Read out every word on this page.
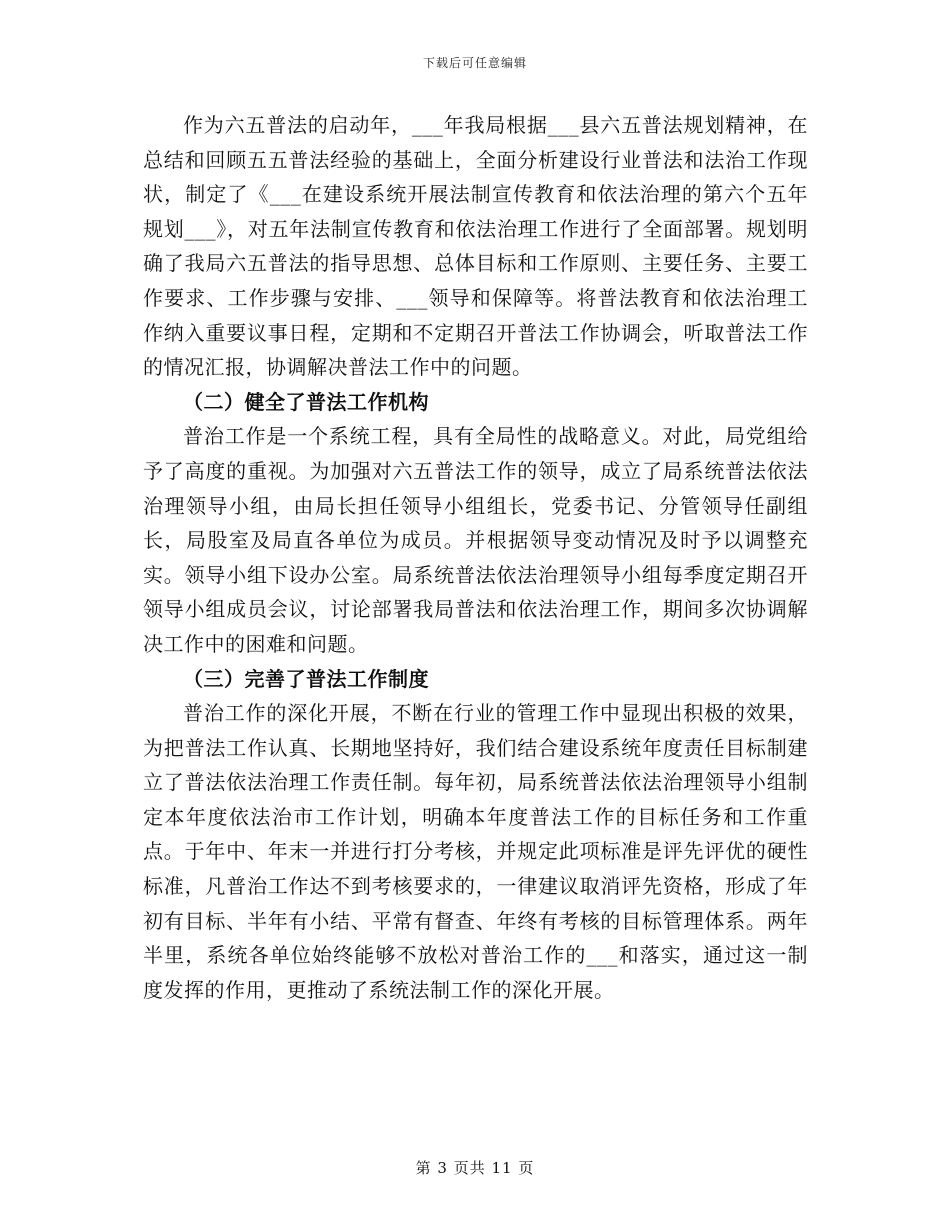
下载后可任意编辑

作为六五普法的启动年，___年我局根据___县六五普法规划精神，在总结和回顾五五普法经验的基础上，全面分析建设行业普法和法治工作现状，制定了《___在建设系统开展法制宣传教育和依法治理的第六个五年规划___》，对五年法制宣传教育和依法治理工作进行了全面部署。规划明确了我局六五普法的指导思想、总体目标和工作原则、主要任务、主要工作要求、工作步骤与安排、___领导和保障等。将普法教育和依法治理工作纳入重要议事日程，定期和不定期召开普法工作协调会，听取普法工作的情况汇报，协调解决普法工作中的问题。

（二）健全了普法工作机构

普治工作是一个系统工程，具有全局性的战略意义。对此，局党组给予了高度的重视。为加强对六五普法工作的领导，成立了局系统普法依法治理领导小组，由局长担任领导小组组长，党委书记、分管领导任副组长，局股室及局直各单位为成员。并根据领导变动情况及时予以调整充实。领导小组下设办公室。局系统普法依法治理领导小组每季度定期召开领导小组成员会议，讨论部署我局普法和依法治理工作，期间多次协调解决工作中的困难和问题。

（三）完善了普法工作制度

普治工作的深化开展，不断在行业的管理工作中显现出积极的效果，为把普法工作认真、长期地坚持好，我们结合建设系统年度责任目标制建立了普法依法治理工作责任制。每年初，局系统普法依法治理领导小组制定本年度依法治市工作计划，明确本年度普法工作的目标任务和工作重点。于年中、年末一并进行打分考核，并规定此项标准是评先评优的硬性标准，凡普治工作达不到考核要求的，一律建议取消评先资格，形成了年初有目标、半年有小结、平常有督查、年终有考核的目标管理体系。两年半里，系统各单位始终能够不放松对普治工作的___和落实，通过这一制度发挥的作用，更推动了系统法制工作的深化开展。

第 3 页共 11 页
